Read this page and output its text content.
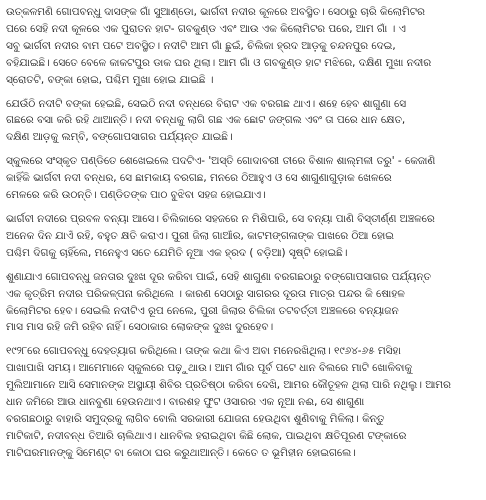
ଉତ୍କଳମଣି ଗୋପବନ୍ଧୁ ଦାସଙ୍କ ଗାଁ ସୁଆଣ୍ଡୋ, ଭାର୍ଗବୀ ନଦୀର କୂଳରେ ଅବସ୍ଥିତ। ସେଠାରୁ ଚାରି କିଲୋମିଟର
ପରେ ସେହି ନଦୀ କୂଳରେ ଏକ ପୁରାତନ ହାଟ- ଗବକୁଣ୍ଡ ଏବଂ ଆଉ ଏକ କିଲୋମିଟର ପରେ, ଆମ ଗାଁ । ଏ
ସବୁ ଭାର୍ଗବୀ ନଦୀର ବାମ ପଟେ ଅବସ୍ଥିତ। ନଦୀଟି ଆମ ଗାଁ ଛୁଇଁ, ଚିଲିକା ହ୍ରଦ ଆଡ଼କୁ ଚନ୍ଦନପୁର ଦେଇ,
ବହିଯାଇଛି। ସେତେ ବେଳେ କାକଟପୁର ଡାକ ଘର ଥିଲା। ଆମ ଗାଁ ଓ ଗବକୁଣ୍ଡ ହାଟ ମଝିରେ, ଦକ୍ଷିଣ ମୁଖା ନଦୀର
ସ୍ରୋତଟି, ବଙ୍କା ହୋଇ, ପଶ୍ଚିମ ମୁଖା ହୋଇ ଯାଇଛି ।
ଯେଉଁଠି ନଦୀଟି ବଙ୍କା ହେଇଛି, ସେଇଠି ନଦୀ ବନ୍ଧରେ ବିରାଟ ଏକ ବରଗଛ ଥାଏ। ଶହେ ହେବ ଶାଗୁଣା ସେ
ଗଛରେ ବସା କରି ରହି ଥାଆନ୍ତି। ନଦୀ ବନ୍ଧକୁ ଲାଗି ଗଛ ଏକ ଛୋଟ ଜଙ୍ଗଲ ଏବଂ ତା ପରେ ଧାନ କ୍ଷେତ,
ଦକ୍ଷିଣ ଆଡ଼କୁ ଲମ୍ବି, ବଙ୍ଗୋପସାଗର ପର୍ଯ୍ୟନ୍ତ ଯାଇଛି।
ସ୍କୁଲରେ ସଂସ୍କୃତ ପଣ୍ଡିତେ ଶେଖେଇଲେ ପଦଟିଏ- 'ଅସ୍ତି ଗୋଦାବରୀ ତୀରେ ବିଶାଳ ଶାଲ୍ମଳୀ ତରୁ' - କେଜାଣି
କାହିଁକି ଭାର୍ଗବୀ ନଦୀ ବନ୍ଧର, ସେ ଛାମକାୟ ବରଗଛ, ମନରେ ଠିଆହୁଏ ଓ ସେ ଶାଗୁଣାଗୁଡ଼ାକ ଖେଳରେ
ମେଳରେ କରି ଉଠନ୍ତି। ପଣ୍ଡିତଙ୍କ ପାଠ ବୁଝିବା ସହଜ ହୋଇଯାଏ।
ଭାର୍ଗବୀ ନଦୀରେ ପ୍ରବଳ ବନ୍ୟା ଆସେ। ଚିଲିକାରେ ସହଜରେ ନ ମିଶିପାରି, ସେ ବନ୍ୟା ପାଣି ବିସ୍ତୀର୍ଣ୍ଣ ଅଞ୍ଚଳରେ
ଅନେକ ଦିନ ଯାଏଁ ରହି, ବହୁତ କ୍ଷତି କରାଏ। ପୁରୀ ଜିଲା ଗାଆଁର, କାଟମଙ୍ଗଳାଙ୍କ ପାଖରେ ଠିଆ ହୋଇ
ପଶ୍ଚିମ ଦିଗକୁ ଚାହିଁଲେ, ମନେହୁଏ ସତେ ଯେମିତି ନୂଆ ଏକ ହ୍ରଦ ( ବଡ଼ିଆ) ସୃଷ୍ଟି ହୋଇଛି।
ଶୁଣାଯାଏ ଗୋପବନ୍ଧୁ ଜନତାର ଦୁଃଖ ଦୂର କରିବା ପାଇଁ, ସେହି ଶାଗୁଣା ବରଗଛଠାରୁ ବଙ୍ଗୋପସାଗର ପର୍ଯ୍ୟନ୍ତ
ଏକ କୃତ୍ରିମ ନଦୀର ପରିକଳ୍ପନା କରିଥିଲେ । କାରଣ ସେଠାରୁ ସାଗରର ଦୂରତା ମାତ୍ର ପନ୍ଦର କି ଷୋହଳ
କିଲୋମିଟର ହେବ। ସେଇଲି ନଦୀଟିଏ ରୂପ ନେଲେ, ପୁରୀ ଜିଲାର ଚିଲିକା ତଟବର୍ତ୍ତୀ ଅଞ୍ଚଳରେ ବନ୍ୟାଜନ
ମାସ ମାସ ରହି ଜମି ରହିବ ନାହିଁ। ସେଠାକାର ଲୋକଙ୍କ ଦୁଃଖ ଦୁରହେବ।
୧୯୨୮ରେ ଗୋପବନ୍ଧୁ ଦେହତ୍ୟାଗ କରିଥିଲେ। ତାଙ୍କ କଥା କିଏ ଅବା ମନେରଖିଥିଲା। ୧୯୬୪-୬୫ ମସିହା
ପାଖାପାଖି ସମୟ। ଆମେମାନେ ସ୍କୁଲରେ ପଢ଼ୁଥାଉ। ଆମ ଗାଁର ପୂର୍ବ ପଟେ ଧାନ ବିଲରେ ମାଟି ଖୋଳିବାକୁ
ମୁଲିଆମାନେ ଆସି ସେମାନଙ୍କ ଅସ୍ଥାୟୀ ଶିବିର ପ୍ରତିଷ୍ଠା କରିବା ଦେଖି, ଆମର କୌତୂହଳ ଥିଲା ପାରି ନଥିଲୁ। ଆମର
ଧାନ ଜମିରେ ଆଉ ଧାନବୁଣା ହେଉନଥାଏ। ବାରଶହ ଫୁଟ ଓସାରର ଏକ ନୂଆ ନଈ, ସେ ଶାଗୁଣା
ବରଗଛଠାରୁ ବାହାରି ସମୁଦ୍ରକୁ ଲାଗିବ ବୋଲି ସରକାରୀ ଯୋଜନା ହେଉଥିବା ଶୁଣିବାକୁ ମିଳିଲା। କିନ୍ତୁ
ମାଟିକାଟି, ନଦୀବନ୍ଧ ତିଆରି ଚାଲିଥାଏ। ଧାନବିଲ ହରାଇଥିବା କିଛି ଲୋକ, ପାଇଥିବା କ୍ଷତିପୂରଣ ଟଙ୍କାରେ
ମାଟିଘରମାନଙ୍କୁ ସିମେଣ୍ଟ ବା କୋଠା ଘର କରୁଥାଆନ୍ତି। କେତେ ତ ଭୂମିହୀନ ହୋଇଗଲେ।
